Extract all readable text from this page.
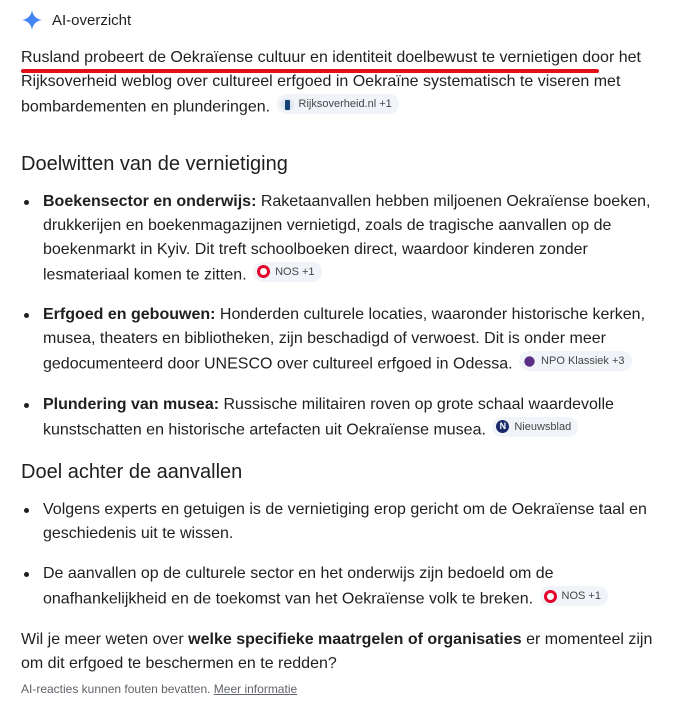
AI-overzicht

Rusland probeert de Oekraïense cultuur en identiteit doelbewust te vernietigen door het Rijksoverheid weblog over cultureel erfgoed in Oekraïne systematisch te viseren met bombardementen en plunderingen.	Rijksoverheid.nl +1

Doelwitten van de vernietiging
Boekensector en onderwijs: Raketaanvallen hebben miljoenen Oekraïense boeken, drukkerijen en boekenmagazijnen vernietigd, zoals de tragische aanvallen op de boekenmarkt in Kyiv. Dit treft schoolboeken direct, waardoor kinderen zonder lesmateriaal komen te zitten.	NOS +1
Erfgoed en gebouwen: Honderden culturele locaties, waaronder historische kerken, musea, theaters en bibliotheken, zijn beschadigd of verwoest. Dit is onder meer gedocumenteerd door UNESCO over cultureel erfgoed in Odessa.	NPO Klassiek +3
Plundering van musea: Russische militairen roven op grote schaal waardevolle kunstschatten en historische artefacten uit Oekraïense musea.
N	Nieuwsblad
Doel achter de aanvallen
Volgens experts en getuigen is de vernietiging erop gericht om de Oekraïense taal en geschiedenis uit te wissen.
De aanvallen op de culturele sector en het onderwijs zijn bedoeld om de onafhankelijkheid en de toekomst van het Oekraïense volk te breken.	NOS +1

Wil je meer weten over welke specifieke maatrgelen of organisaties er momenteel zijn om dit erfgoed te beschermen en te redden?

AI-reacties kunnen fouten bevatten. Meer informatie
